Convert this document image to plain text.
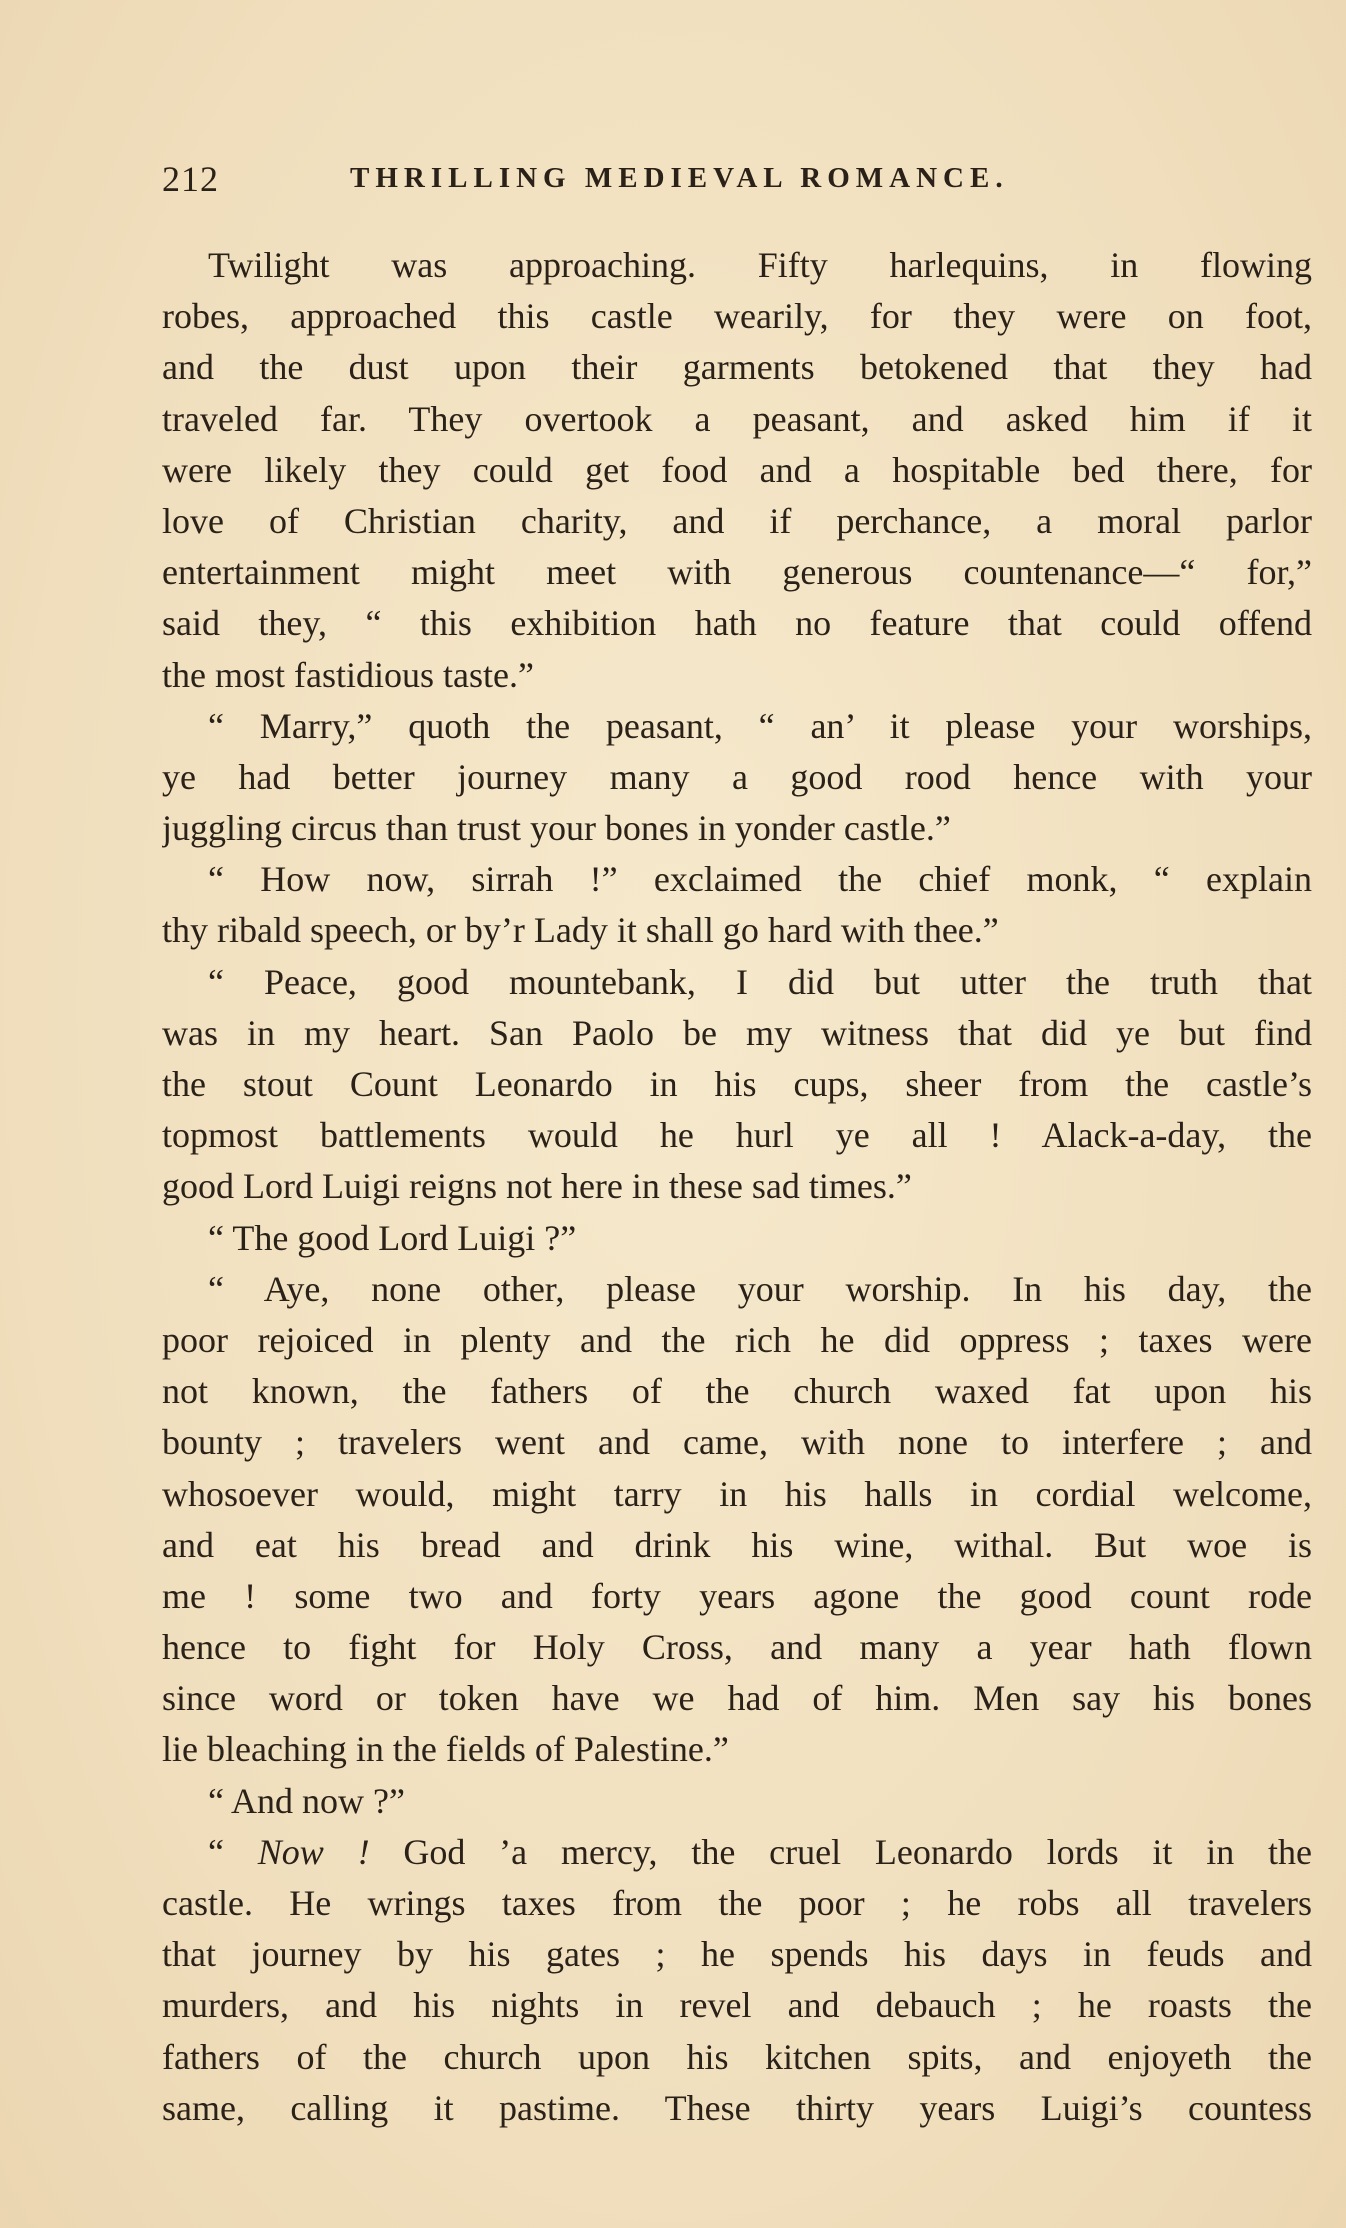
212	THRILLING MEDIEVAL ROMANCE.
Twilight was approaching. Fifty harlequins, in flowing
robes, approached this castle wearily, for they were on foot,
and the dust upon their garments betokened that they had
traveled far. They overtook a peasant, and asked him if it
were likely they could get food and a hospitable bed there, for
love of Christian charity, and if perchance, a moral parlor
entertainment might meet with generous countenance—“ for,”
said they, “ this exhibition hath no feature that could offend
the most fastidious taste.”
“ Marry,” quoth the peasant, “ an’ it please your worships,
ye had better journey many a good rood hence with your
juggling circus than trust your bones in yonder castle.”
“ How now, sirrah !” exclaimed the chief monk, “ explain
thy ribald speech, or by’r Lady it shall go hard with thee.”
“ Peace, good mountebank, I did but utter the truth that
was in my heart. San Paolo be my witness that did ye but find
the stout Count Leonardo in his cups, sheer from the castle’s
topmost battlements would he hurl ye all ! Alack-a-day, the
good Lord Luigi reigns not here in these sad times.”
“ The good Lord Luigi ?”
“ Aye, none other, please your worship. In his day, the
poor rejoiced in plenty and the rich he did oppress ; taxes were
not known, the fathers of the church waxed fat upon his
bounty ; travelers went and came, with none to interfere ; and
whosoever would, might tarry in his halls in cordial welcome,
and eat his bread and drink his wine, withal. But woe is
me ! some two and forty years agone the good count rode
hence to fight for Holy Cross, and many a year hath flown
since word or token have we had of him. Men say his bones
lie bleaching in the fields of Palestine.”
“ And now ?”
“ Now ! God ’a mercy, the cruel Leonardo lords it in the
castle. He wrings taxes from the poor ; he robs all travelers
that journey by his gates ; he spends his days in feuds and
murders, and his nights in revel and debauch ; he roasts the
fathers of the church upon his kitchen spits, and enjoyeth the
same, calling it pastime. These thirty years Luigi’s countess
